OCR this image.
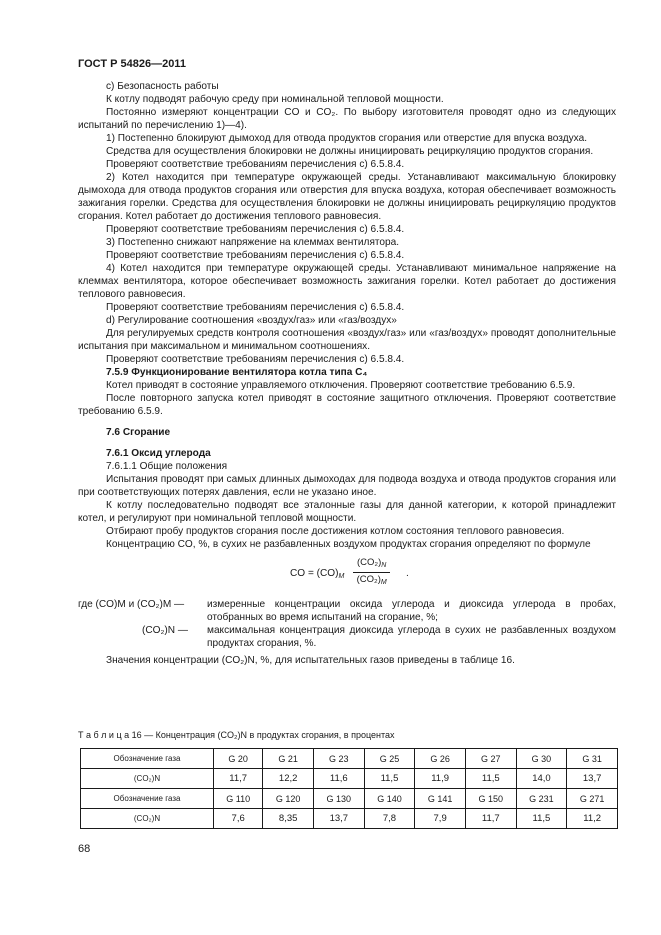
ГОСТ Р 54826—2011

c) Безопасность работы

К котлу подводят рабочую среду при номинальной тепловой мощности.

Постоянно измеряют концентрации CO и CO₂. По выбору изготовителя проводят одно из следующих испытаний по перечислению 1)—4).

1) Постепенно блокируют дымоход для отвода продуктов сгорания или отверстие для впуска воздуха.

Средства для осуществления блокировки не должны инициировать рециркуляцию продуктов сгорания.

Проверяют соответствие требованиям перечисления c) 6.5.8.4.

2) Котел находится при температуре окружающей среды. Устанавливают максимальную блокировку дымохода для отвода продуктов сгорания или отверстия для впуска воздуха, которая обеспечивает возможность зажигания горелки. Средства для осуществления блокировки не должны инициировать рециркуляцию продуктов сгорания. Котел работает до достижения теплового равновесия.

Проверяют соответствие требованиям перечисления c) 6.5.8.4.

3) Постепенно снижают напряжение на клеммах вентилятора.

Проверяют соответствие требованиям перечисления c) 6.5.8.4.

4) Котел находится при температуре окружающей среды. Устанавливают минимальное напряжение на клеммах вентилятора, которое обеспечивает возможность зажигания горелки. Котел работает до достижения теплового равновесия.

Проверяют соответствие требованиям перечисления c) 6.5.8.4.

d) Регулирование соотношения «воздух/газ» или «газ/воздух»

Для регулируемых средств контроля соотношения «воздух/газ» или «газ/воздух» проводят дополнительные испытания при максимальном и минимальном соотношениях.

Проверяют соответствие требованиям перечисления c) 6.5.8.4.

7.5.9 Функционирование вентилятора котла типа C₄

Котел приводят в состояние управляемого отключения. Проверяют соответствие требованию 6.5.9.

После повторного запуска котел приводят в состояние защитного отключения. Проверяют соответствие требованию 6.5.9.

7.6 Сгорание

7.6.1 Оксид углерода

7.6.1.1 Общие положения

Испытания проводят при самых длинных дымоходах для подвода воздуха и отвода продуктов сгорания или при соответствующих потерях давления, если не указано иное.

К котлу последовательно подводят все эталонные газы для данной категории, к которой принадлежит котел, и регулируют при номинальной тепловой мощности.

Отбирают пробу продуктов сгорания после достижения котлом состояния теплового равновесия.

Концентрацию CO, %, в сухих не разбавленных воздухом продуктах сгорания определяют по формуле

CO = $(CO)_M \frac{(CO_2)_N}{(CO_2)_M}$ .
где (CO)M и (CO₂)M — измеренные концентрации оксида углерода и диоксида углерода в пробах, отобранных во время испытаний на сгорание, %;
(CO₂)N — максимальная концентрация диоксида углерода в сухих не разбавленных воздухом продуктах сгорания, %.

Значения концентрации (CO₂)N, %, для испытательных газов приведены в таблице 16.

Т а б л и ц а 16 — Концентрация (CO₂)N в продуктах сгорания, в процентах
Обозначение газа	G 20	G 21	G 23	G 25	G 26	G 27	G 30	G 31
(CO₂)N	11,7	12,2	11,6	11,5	11,9	11,5	14,0	13,7
Обозначение газа	G 110	G 120	G 130	G 140	G 141	G 150	G 231	G 271
(CO₂)N	7,6	8,35	13,7	7,8	7,9	11,7	11,5	11,2
68
